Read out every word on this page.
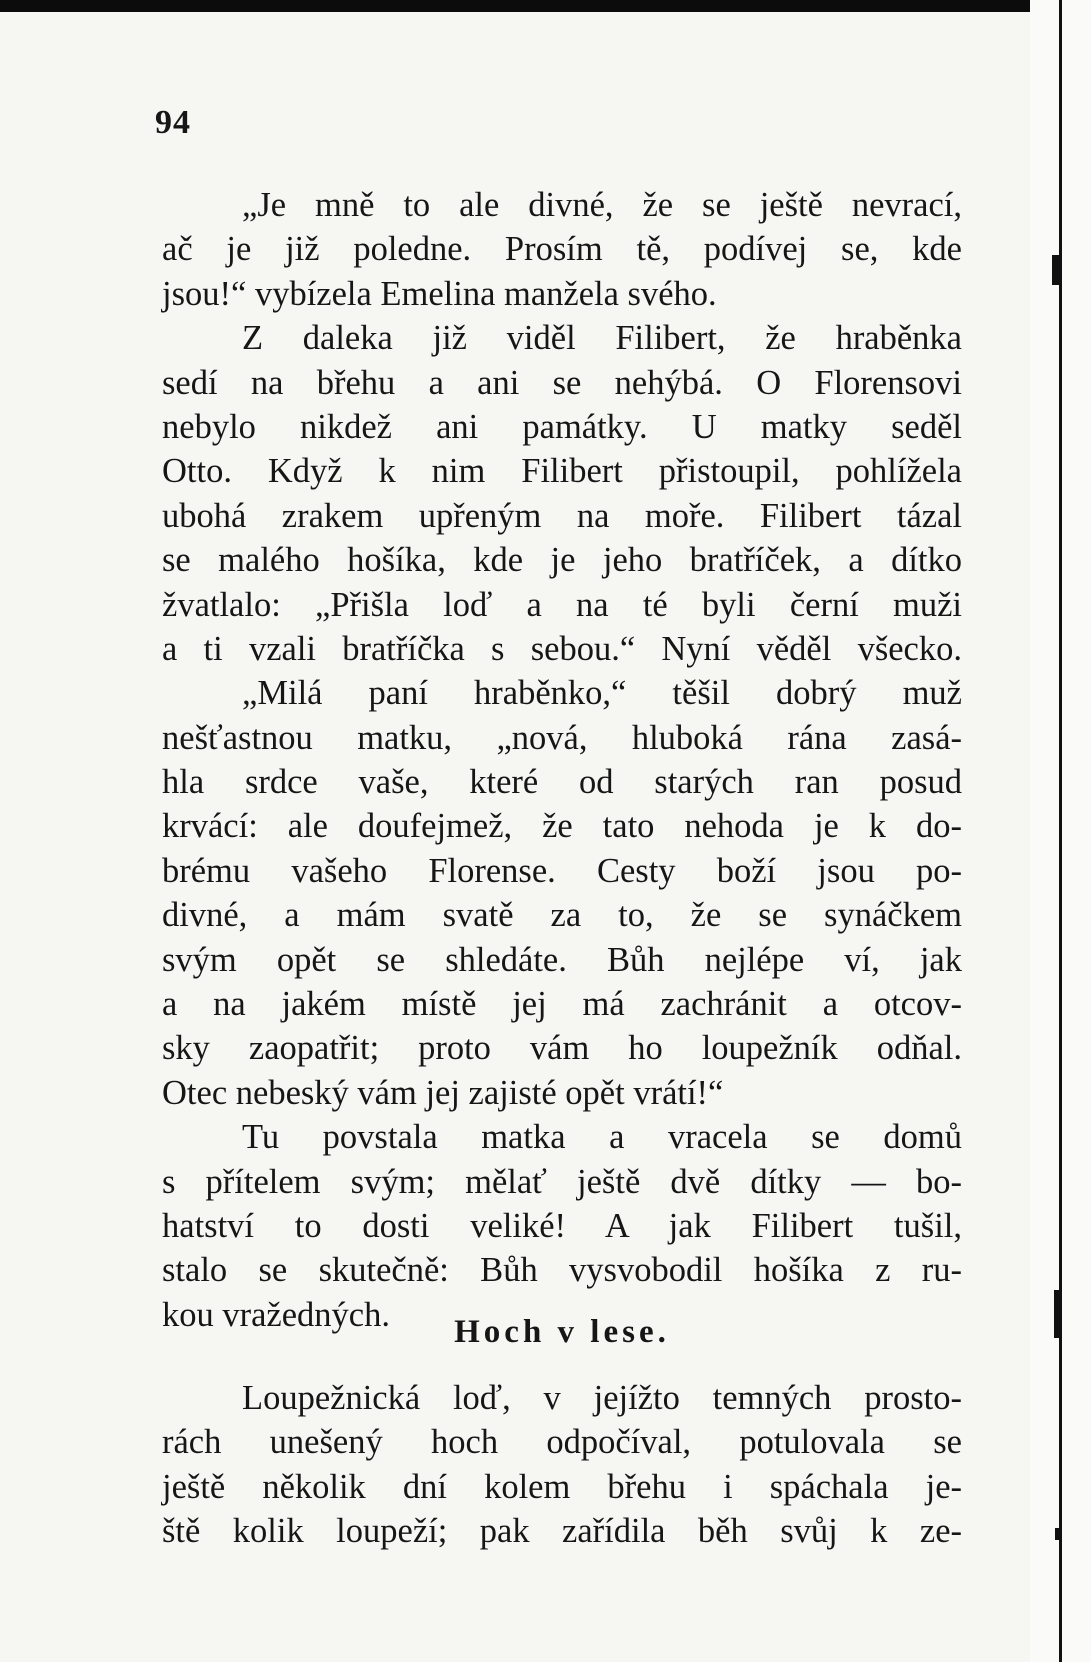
94
„Je mně to ale divné, že se ještě nevrací,
ač je již poledne. Prosím tě, podívej se, kde
jsou!“ vybízela Emelina manžela svého.
Z daleka již viděl Filibert, že hraběnka
sedí na břehu a ani se nehýbá. O Florensovi
nebylo nikdež ani památky. U matky seděl
Otto. Když k nim Filibert přistoupil, pohlížela
ubohá zrakem upřeným na moře. Filibert tázal
se malého hošíka, kde je jeho bratříček, a dítko
žvatlalo: „Přišla loď a na té byli černí muži
a ti vzali bratříčka s sebou.“ Nyní věděl všecko.
„Milá paní hraběnko,“ těšil dobrý muž
nešťastnou matku, „nová, hluboká rána zasá-
hla srdce vaše, které od starých ran posud
krvácí: ale doufejmež, že tato nehoda je k do-
brému vašeho Florense. Cesty boží jsou po-
divné, a mám svatě za to, že se synáčkem
svým opět se shledáte. Bůh nejlépe ví, jak
a na jakém místě jej má zachránit a otcov-
sky zaopatřit; proto vám ho loupežník odňal.
Otec nebeský vám jej zajisté opět vrátí!“
Tu povstala matka a vracela se domů
s přítelem svým; mělať ještě dvě dítky — bo-
hatství to dosti veliké! A jak Filibert tušil,
stalo se skutečně: Bůh vysvobodil hošíka z ru-
kou vražedných.	Hoch v lese.
Loupežnická loď, v jejížto temných prosto-
rách unešený hoch odpočíval, potulovala se
ještě několik dní kolem břehu i spáchala je-
ště kolik loupeží; pak zařídila běh svůj k ze-
